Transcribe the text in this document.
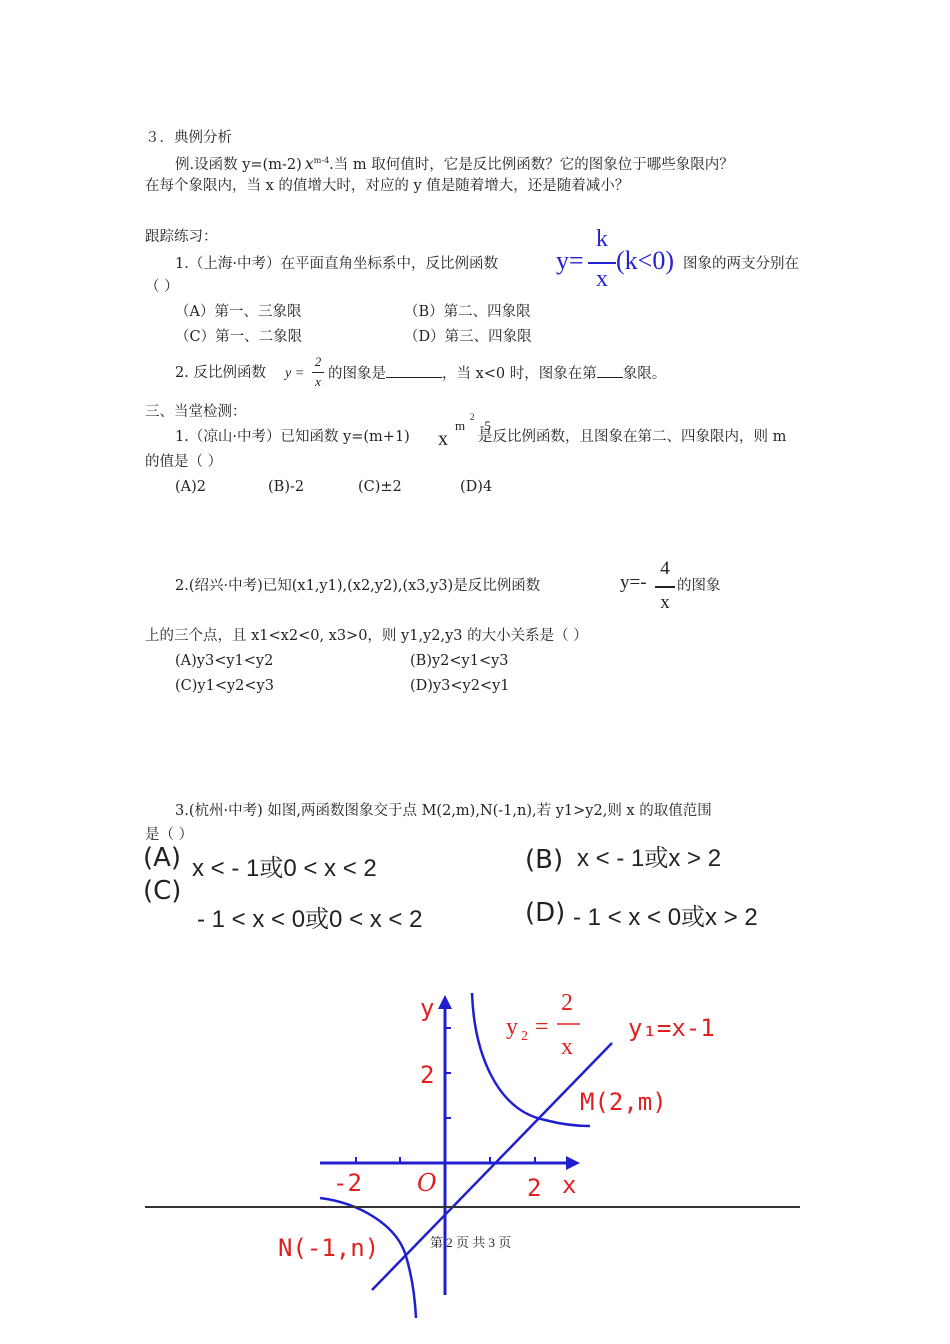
３．典例分析
例.设函数 y=(m-2) $x^{m-4}$.当 m 取何值时，它是反比例函数？它的图象位于哪些象限内？
在每个象限内，当 x 的值增大时，对应的 y 值是随着增大，还是随着减小？
跟踪练习：
1.（上海·中考）在平面直角坐标系中，反比例函数 y=
k
x
(k<0) 图象的两支分别在
（ ）
（A）第一、三象限	（B）第二、四象限
（C）第一、二象限	（D）第三、四象限
2. 反比例函数 y =
2
x 的图象是	，当 x<0 时，图象在第 象限。
三、当堂检测：
1.（凉山·中考）已知函数 y=(m+1) x
m
2
-5
是反比例函数，且图象在第二、四象限内，则 m
的值是（ ）
(A)2	(B)-2	(C)±2	(D)4
2.(绍兴·中考)已知(x1,y1),(x2,y2),(x3,y3)是反比例函数	y=-
4
x
的图象
上的三个点，且 x1<x2<0, x3>0，则 y1,y2,y3 的大小关系是（ ）
(A)y3<y1<y2	(B)y2<y1<y3
(C)y1<y2<y3	(D)y3<y2<y1
3.(杭州·中考) 如图,两函数图象交于点 M(2,m),N(-1,n),若 y1>y2,则 x 的取值范围
是（ ）
(A) x < - 1或0 < x < 2	(B) x < - 1或x > 2
(C)
- 1 < x < 0或0 < x < 2	(D) - 1 < x < 0或x > 2
y
x
O
2
2
-2
y 2 =
2
x
y₁=x-1
M(2,m)
N(-1,n)	第 2 页 共 3 页
